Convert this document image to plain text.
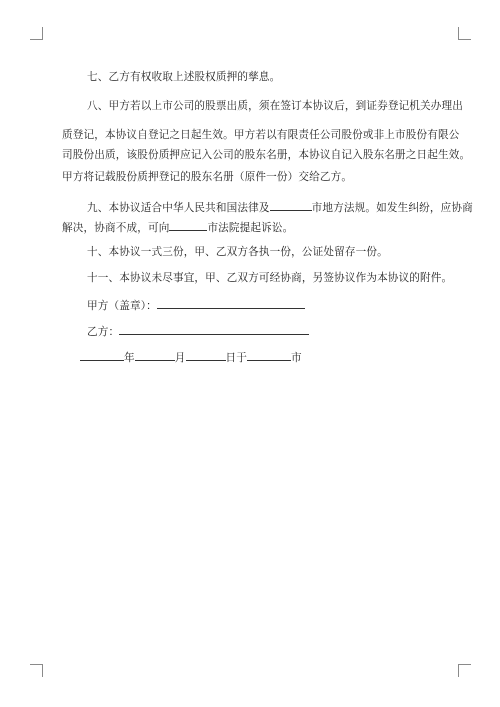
七、乙方有权收取上述股权质押的孳息。
八、甲方若以上市公司的股票出质，须在签订本协议后，到证券登记机关办理出
质登记，本协议自登记之日起生效。甲方若以有限责任公司股份或非上市股份有限公
司股份出质，该股份质押应记入公司的股东名册，本协议自记入股东名册之日起生效。
甲方将记载股份质押登记的股东名册（原件一份）交给乙方。
九、本协议适合中华人民共和国法律及	市地方法规。如发生纠纷，应协商
解决，协商不成，可向	市法院提起诉讼。
十、本协议一式三份，甲、乙双方各执一份，公证处留存一份。
十一、本协议未尽事宜，甲、乙双方可经协商，另签协议作为本协议的附件。
甲方（盖章）：
乙方：
年	月	日于	市
